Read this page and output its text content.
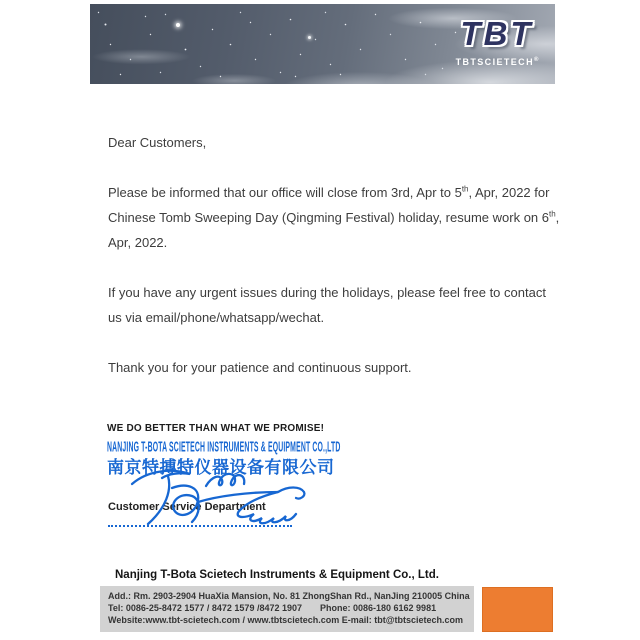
TBT
TBTSCIETECH®

Dear Customers,

Please be informed that our office will close from 3rd, Apr to 5th, Apr, 2022 for Chinese Tomb Sweeping Day (Qingming Festival) holiday, resume work on 6th, Apr, 2022.

If you have any urgent issues during the holidays, please feel free to contact us via email/phone/whatsapp/wechat.

Thank you for your patience and continuous support.

WE DO BETTER THAN WHAT WE PROMISE!
NANJING T-BOTA SCIETECH INSTRUMENTS & EQUIPMENT CO.,LTD
南京特搏特仪器设备有限公司
Customer Service Department
Nanjing T-Bota Scietech Instruments & Equipment Co., Ltd.
Add.: Rm. 2903-2904 HuaXia Mansion, No. 81 ZhongShan Rd., NanJing 210005 China
Tel: 0086-25-8472 1577 / 8472 1579 /8472 1907 Phone: 0086-180 6162 9981
Website:www.tbt-scietech.com / www.tbtscietech.com E-mail: tbt@tbtscietech.com
